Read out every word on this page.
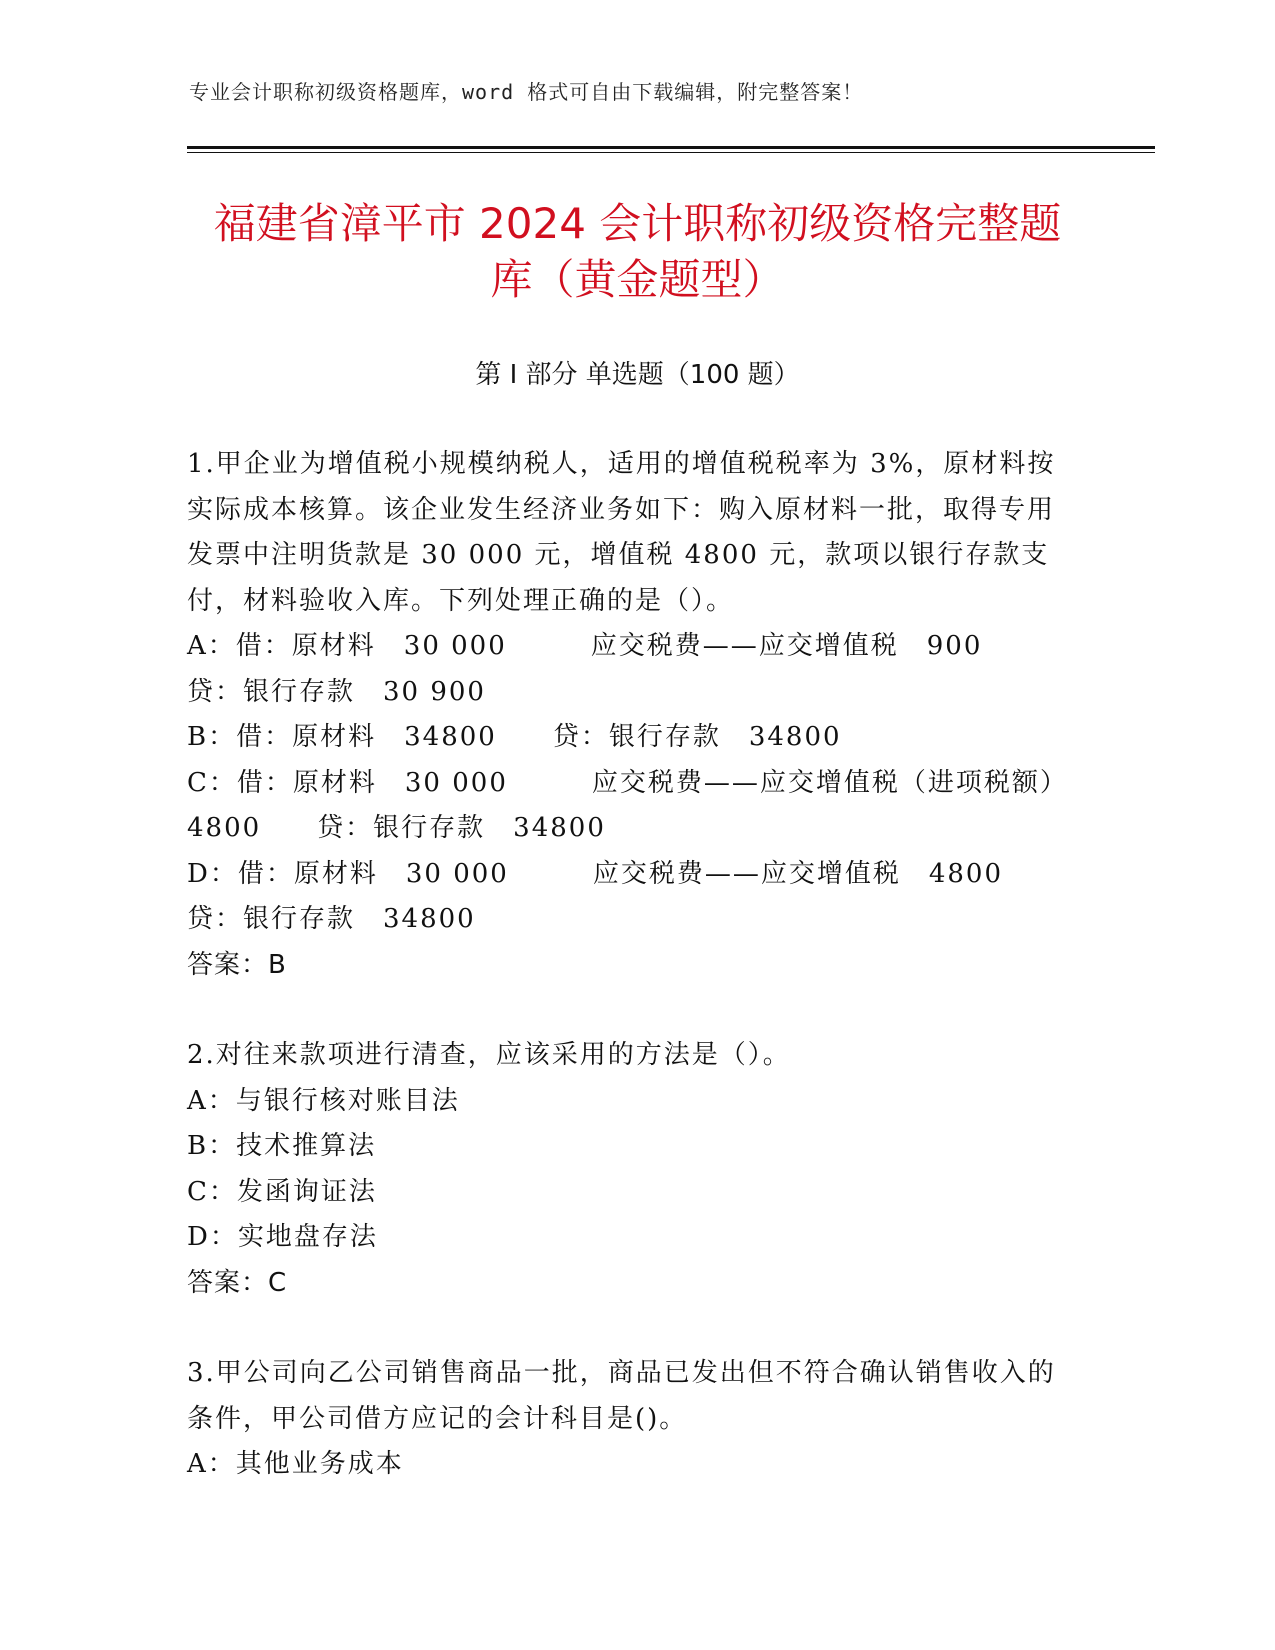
专业会计职称初级资格题库，word 格式可自由下载编辑，附完整答案！
福建省漳平市 2024 会计职称初级资格完整题
库（黄金题型）
第 I 部分 单选题（100 题）

1.甲企业为增值税小规模纳税人，适用的增值税税率为 3%，原材料按实际成本核算。该企业发生经济业务如下：购入原材料一批，取得专用发票中注明货款是 30 000 元，增值税 4800 元，款项以银行存款支付，材料验收入库。下列处理正确的是（）。

A：借：原材料　30 000　　　应交税费——应交增值税　900　　贷：银行存款　30 900

B：借：原材料　34800　　贷：银行存款　34800

C：借：原材料　30 000　　　应交税费——应交增值税（进项税额）4800　　贷：银行存款　34800

D：借：原材料　30 000　　　应交税费——应交增值税　4800　　贷：银行存款　34800

答案：B

2.对往来款项进行清查，应该采用的方法是（）。

A：与银行核对账目法

B：技术推算法

C：发函询证法

D：实地盘存法

答案：C

3.甲公司向乙公司销售商品一批，商品已发出但不符合确认销售收入的条件，甲公司借方应记的会计科目是()。

A：其他业务成本
